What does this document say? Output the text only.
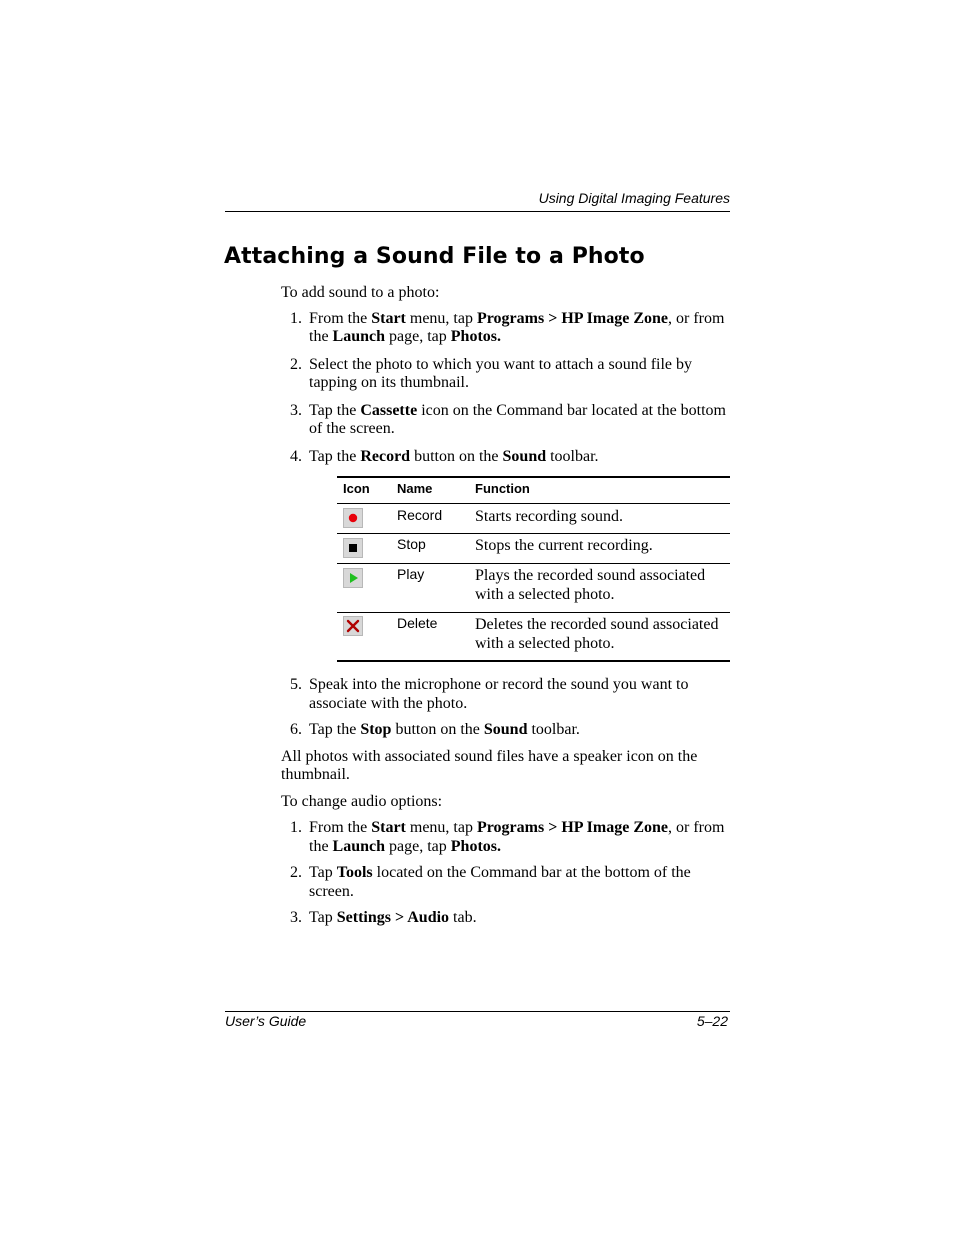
Using Digital Imaging Features
Attaching a Sound File to a Photo

To add sound to a photo:

1. From the Start menu, tap Programs > HP Image Zone, or from the Launch page, tap Photos.
2. Select the photo to which you want to attach a sound file by tapping on its thumbnail.
3. Tap the Cassette icon on the Command bar located at the bottom of the screen.
4. Tap the Record button on the Sound toolbar.
Icon	Name	Function

	Record	Starts recording sound.

	Stop	Stops the current recording.

	Play	Plays the recorded sound associated with a selected photo.

	Delete	Deletes the recorded sound associated with a selected photo.
5. Speak into the microphone or record the sound you want to associate with the photo.
6. Tap the Stop button on the Sound toolbar.

All photos with associated sound files have a speaker icon on the thumbnail.

To change audio options:

1. From the Start menu, tap Programs > HP Image Zone, or from the Launch page, tap Photos.
2. Tap Tools located on the Command bar at the bottom of the screen.
3. Tap Settings > Audio tab.
User’s Guide	5–22
